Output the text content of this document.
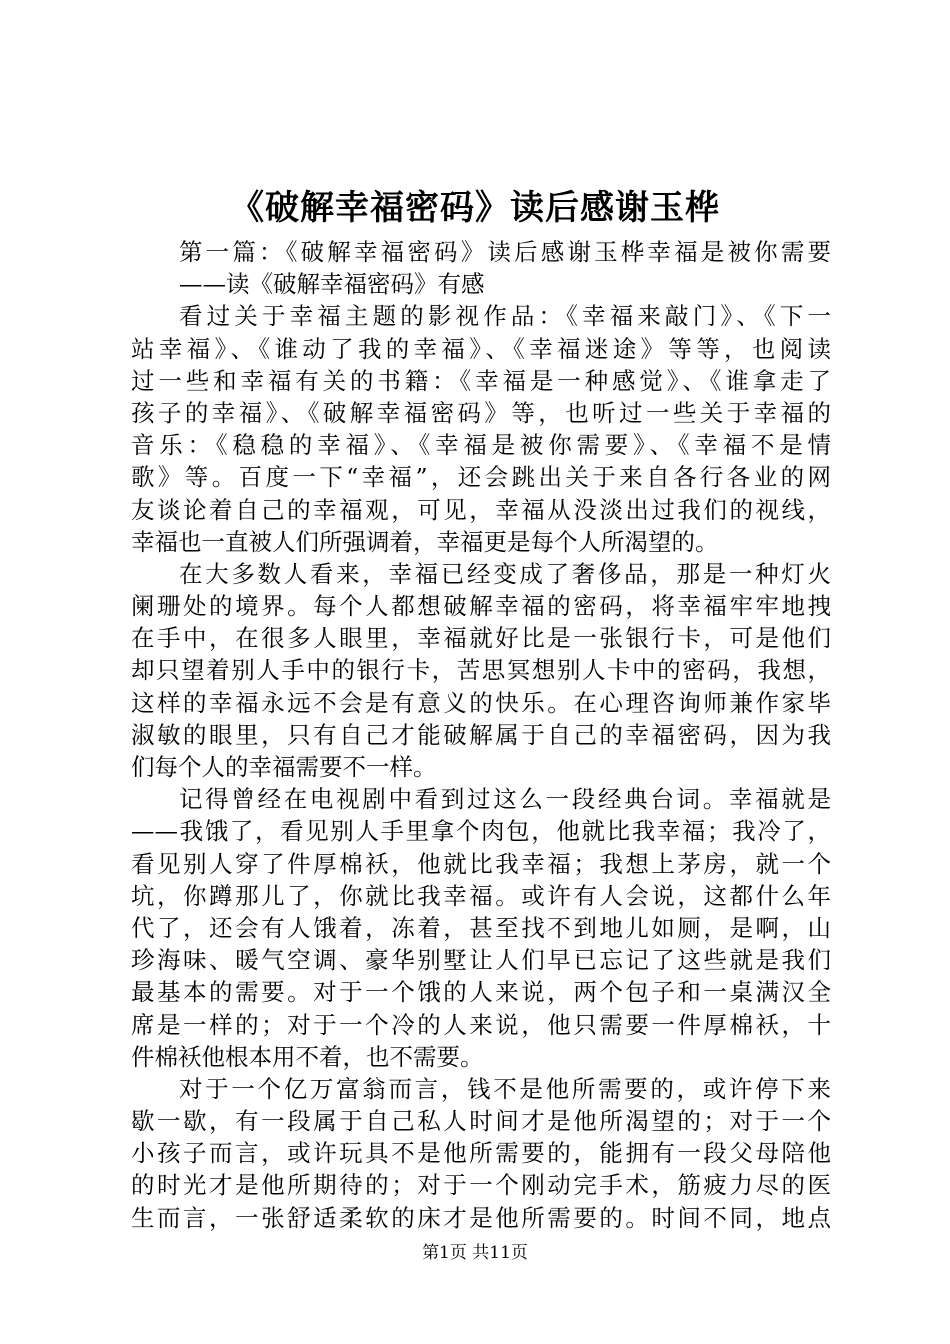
《破解幸福密码》读后感谢玉桦
第一篇：《破解幸福密码》读后感谢玉桦幸福是被你需要
——读《破解幸福密码》有感
看过关于幸福主题的影视作品：《幸福来敲门》、《下一
站幸福》、《谁动了我的幸福》、《幸福迷途》等等，也阅读
过一些和幸福有关的书籍：《幸福是一种感觉》、《谁拿走了
孩子的幸福》、《破解幸福密码》等，也听过一些关于幸福的
音乐：《稳稳的幸福》、《幸福是被你需要》、《幸福不是情
歌》等。百度一下“幸福”，还会跳出关于来自各行各业的网
友谈论着自己的幸福观，可见，幸福从没淡出过我们的视线，
幸福也一直被人们所强调着，幸福更是每个人所渴望的。
在大多数人看来，幸福已经变成了奢侈品，那是一种灯火
阑珊处的境界。每个人都想破解幸福的密码，将幸福牢牢地拽
在手中，在很多人眼里，幸福就好比是一张银行卡，可是他们
却只望着别人手中的银行卡，苦思冥想别人卡中的密码，我想，
这样的幸福永远不会是有意义的快乐。在心理咨询师兼作家毕
淑敏的眼里，只有自己才能破解属于自己的幸福密码，因为我
们每个人的幸福需要不一样。
记得曾经在电视剧中看到过这么一段经典台词。幸福就是
——我饿了，看见别人手里拿个肉包，他就比我幸福；我冷了，
看见别人穿了件厚棉袄，他就比我幸福；我想上茅房，就一个
坑，你蹲那儿了，你就比我幸福。或许有人会说，这都什么年
代了，还会有人饿着，冻着，甚至找不到地儿如厕，是啊，山
珍海味、暖气空调、豪华别墅让人们早已忘记了这些就是我们
最基本的需要。对于一个饿的人来说，两个包子和一桌满汉全
席是一样的；对于一个冷的人来说，他只需要一件厚棉袄，十
件棉袄他根本用不着，也不需要。
对于一个亿万富翁而言，钱不是他所需要的，或许停下来
歇一歇，有一段属于自己私人时间才是他所渴望的；对于一个
小孩子而言，或许玩具不是他所需要的，能拥有一段父母陪他
的时光才是他所期待的；对于一个刚动完手术，筋疲力尽的医
生而言，一张舒适柔软的床才是他所需要的。时间不同，地点
第1页 共11页
